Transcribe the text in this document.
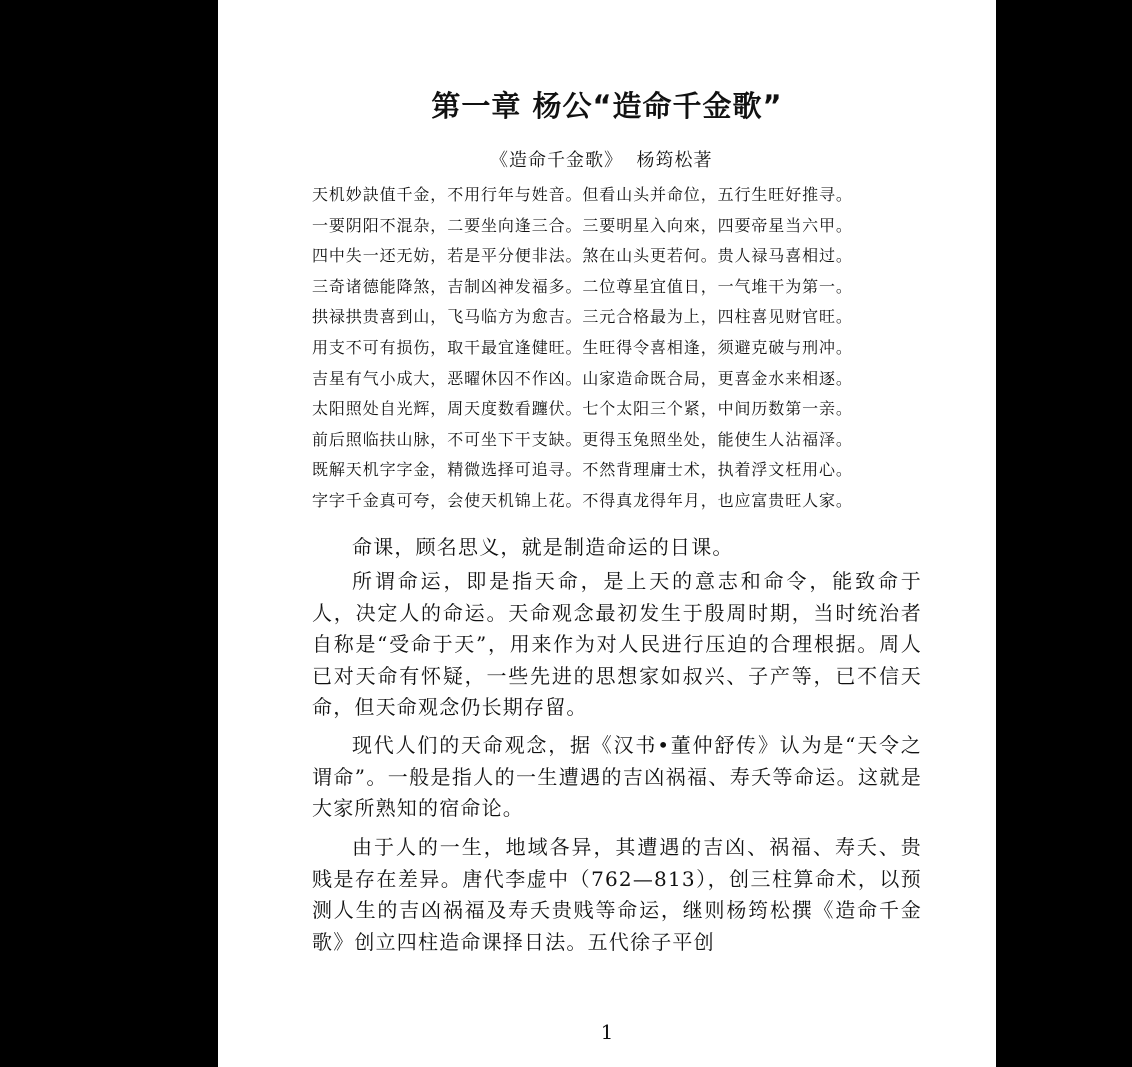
第一章 杨公“造命千金歌”
《造命千金歌》  杨筠松著
天机妙訣值千金，不用行年与姓音。但看山头并命位，五行生旺好推寻。
一要阴阳不混杂，二要坐向逢三合。三要明星入向來，四要帝星当六甲。
四中失一还无妨，若是平分便非法。煞在山头更若何。贵人禄马喜相过。
三奇诸德能降煞，吉制凶神发福多。二位尊星宜值日，一气堆干为第一。
拱禄拱贵喜到山，飞马临方为愈吉。三元合格最为上，四柱喜见财官旺。
用支不可有损伤，取干最宜逢健旺。生旺得令喜相逢，须避克破与刑冲。
吉星有气小成大，恶曜休囚不作凶。山家造命既合局，更喜金水来相逐。
太阳照处自光辉，周天度数看躔伏。七个太阳三个紧，中间历数第一亲。
前后照临扶山脉，不可坐下干支缺。更得玉兔照坐处，能使生人沾福泽。
既解天机字字金，精微选择可追寻。不然背理庸士术，执着浮文枉用心。
字字千金真可夸，会使天机锦上花。不得真龙得年月，也应富贵旺人家。

命课，顾名思义，就是制造命运的日课。

所谓命运，即是指天命，是上天的意志和命令，能致命于人，决定人的命运。天命观念最初发生于殷周时期，当时统治者自称是“受命于天”，用来作为对人民进行压迫的合理根据。周人已对天命有怀疑，一些先进的思想家如叔兴、子产等，已不信天命，但天命观念仍长期存留。

现代人们的天命观念，据《汉书•董仲舒传》认为是“天令之谓命”。一般是指人的一生遭遇的吉凶祸福、寿夭等命运。这就是大家所熟知的宿命论。

由于人的一生，地域各异，其遭遇的吉凶、祸福、寿夭、贵贱是存在差异。唐代李虚中（762—813），创三柱算命术，以预测人生的吉凶祸福及寿夭贵贱等命运，继则杨筠松撰《造命千金歌》创立四柱造命课择日法。五代徐子平创

1
